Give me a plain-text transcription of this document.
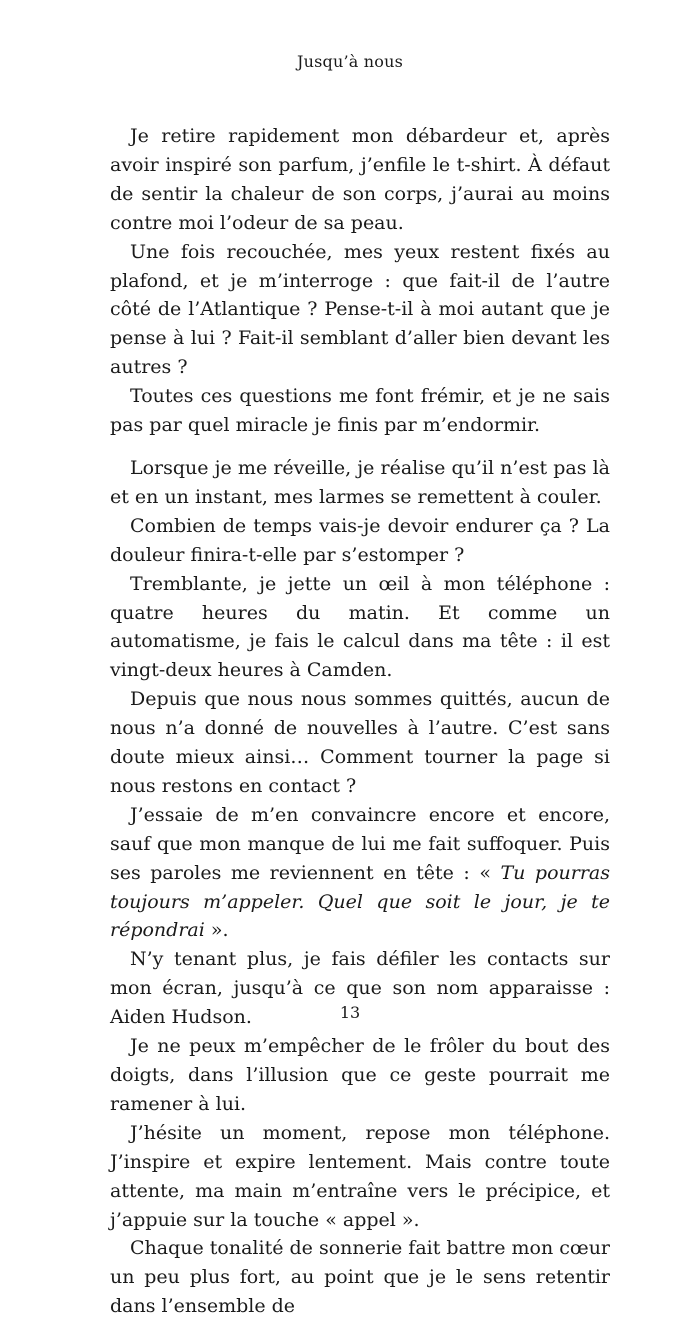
Jusqu’à nous

Je retire rapidement mon débardeur et, après avoir inspiré son parfum, j’enfile le t-shirt. À défaut de sentir la chaleur de son corps, j’aurai au moins contre moi l’odeur de sa peau.

Une fois recouchée, mes yeux restent fixés au plafond, et je m’interroge : que fait-il de l’autre côté de l’Atlantique ? Pense-t-il à moi autant que je pense à lui ? Fait-il semblant d’aller bien devant les autres ?

Toutes ces questions me font frémir, et je ne sais pas par quel miracle je finis par m’endormir.

Lorsque je me réveille, je réalise qu’il n’est pas là et en un instant, mes larmes se remettent à couler.

Combien de temps vais-je devoir endurer ça ? La douleur finira-t-elle par s’estomper ?

Tremblante, je jette un œil à mon téléphone : quatre heures du matin. Et comme un automatisme, je fais le calcul dans ma tête : il est vingt-deux heures à Camden.

Depuis que nous nous sommes quittés, aucun de nous n’a donné de nouvelles à l’autre. C’est sans doute mieux ainsi… Comment tourner la page si nous restons en contact ?

J’essaie de m’en convaincre encore et encore, sauf que mon manque de lui me fait suffoquer. Puis ses paroles me reviennent en tête : « Tu pourras toujours m’appeler. Quel que soit le jour, je te répondrai ».

N’y tenant plus, je fais défiler les contacts sur mon écran, jusqu’à ce que son nom apparaisse : Aiden Hudson.

Je ne peux m’empêcher de le frôler du bout des doigts, dans l’illusion que ce geste pourrait me ramener à lui.

J’hésite un moment, repose mon téléphone. J’inspire et expire lentement. Mais contre toute attente, ma main m’entraîne vers le précipice, et j’appuie sur la touche « appel ».

Chaque tonalité de sonnerie fait battre mon cœur un peu plus fort, au point que je le sens retentir dans l’ensemble de

13
